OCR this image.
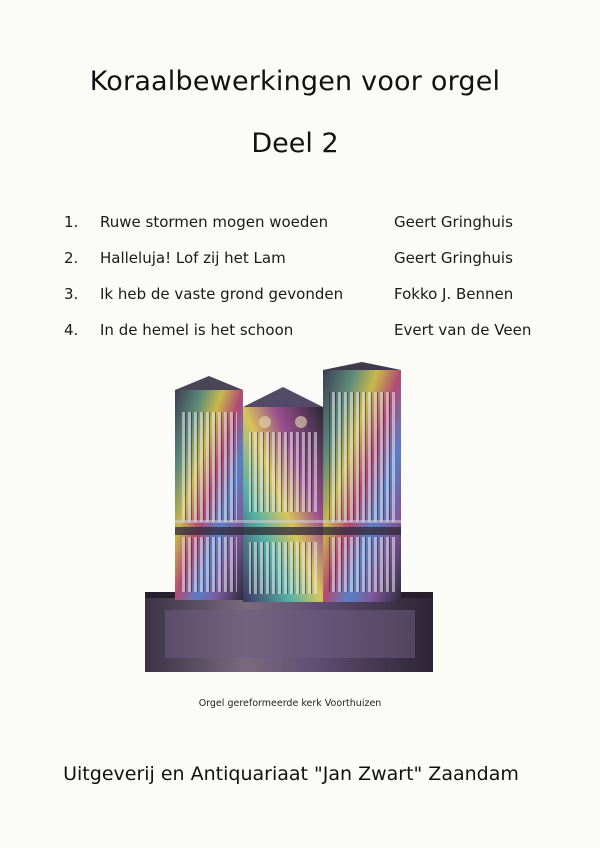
Koraalbewerkingen voor orgel
Deel 2
1. Ruwe stormen mogen woeden	Geert Gringhuis
2. Halleluja! Lof zij het Lam	Geert Gringhuis
3. Ik heb de vaste grond gevonden	Fokko J. Bennen
4. In de hemel is het schoon	Evert van de Veen
Orgel gereformeerde kerk Voorthuizen
Uitgeverij en Antiquariaat "Jan Zwart" Zaandam
